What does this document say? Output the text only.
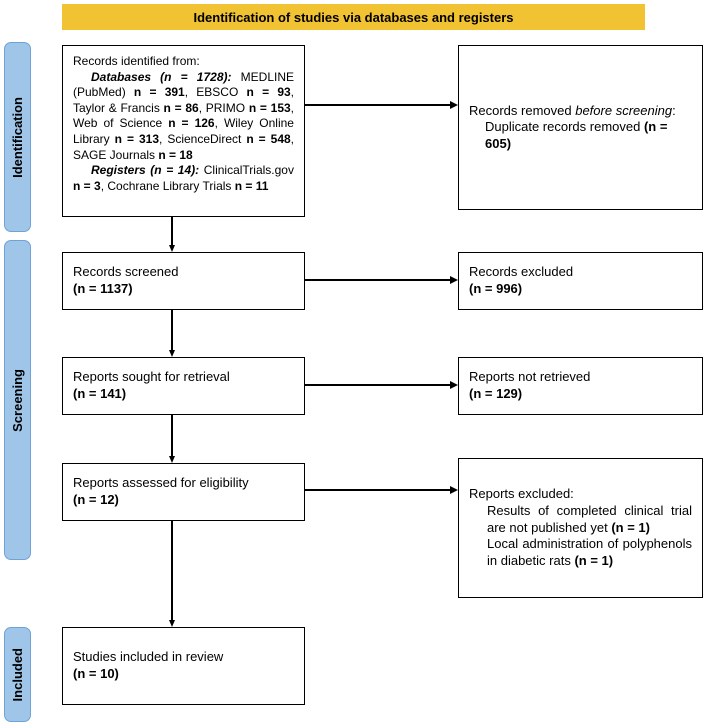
Identification of studies via databases and registers
Identification
Screening
Included
Records identified from:
Databases (n = 1728): MEDLINE (PubMed) n = 391, EBSCO n = 93, Taylor & Francis n = 86, PRIMO n = 153, Web of Science n = 126, Wiley Online Library n = 313, ScienceDirect n = 548, SAGE Journals n = 18
Registers (n = 14): ClinicalTrials.gov n = 3, Cochrane Library Trials n = 11
Records screened
(n = 1137)
Reports sought for retrieval
(n = 141)
Reports assessed for eligibility
(n = 12)
Studies included in review
(n = 10)
Records removed before screening:
Duplicate records removed (n = 605)
Records excluded
(n = 996)
Reports not retrieved
(n = 129)
Reports excluded:
Results of completed clinical trial are not published yet (n = 1)
Local administration of polyphenols in diabetic rats (n = 1)
